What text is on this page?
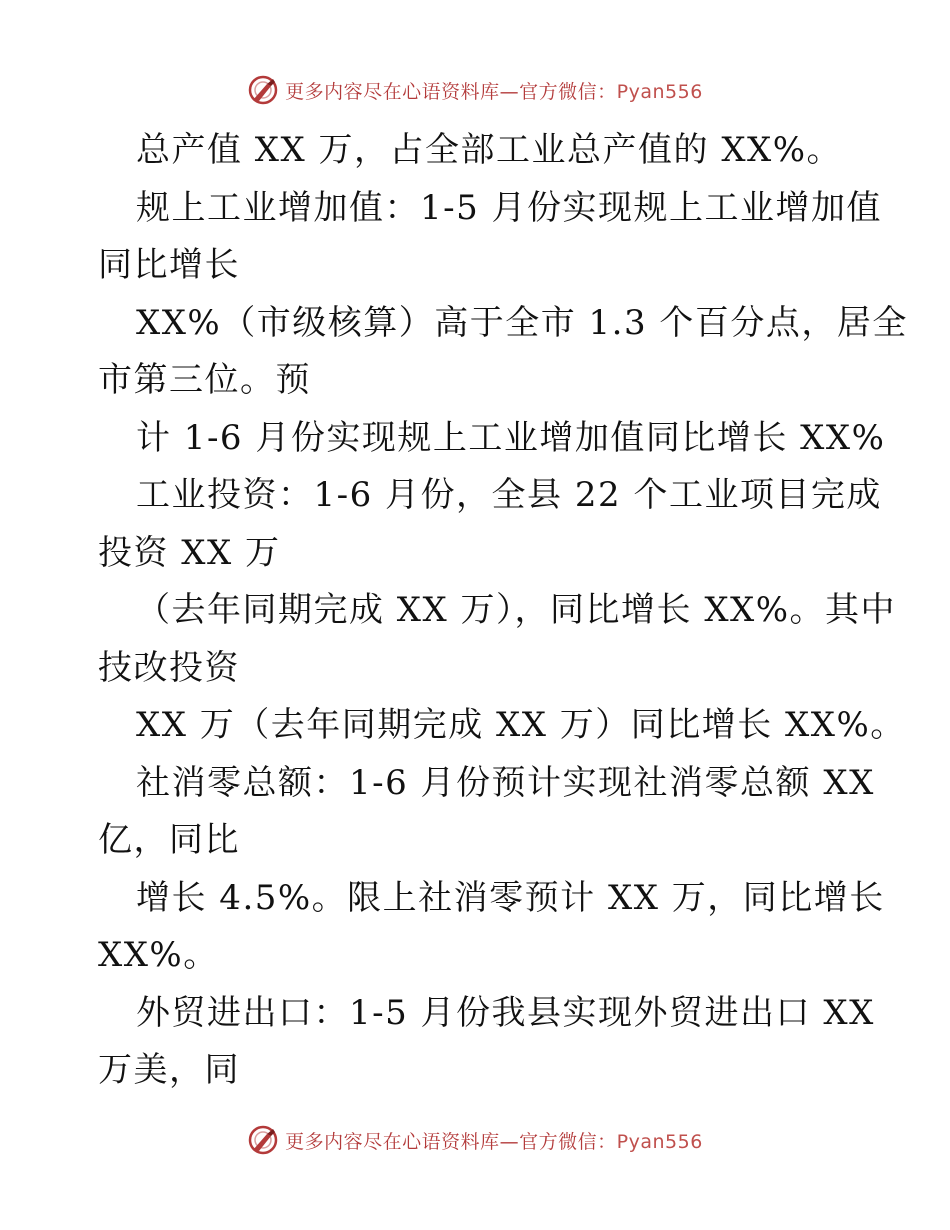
更多内容尽在心语资料库—官方微信：Pyan556
总产值 XX 万，占全部工业总产值的 XX%。
规上工业增加值：1-5 月份实现规上工业增加值
同比增长
XX%（市级核算）高于全市 1.3 个百分点，居全
市第三位。预
计 1-6 月份实现规上工业增加值同比增长 XX%
工业投资：1-6 月份，全县 22 个工业项目完成
投资 XX 万
（去年同期完成 XX 万），同比增长 XX%。其中
技改投资
XX 万（去年同期完成 XX 万）同比增长 XX%。
社消零总额：1-6 月份预计实现社消零总额 XX
亿，同比
增长 4.5%。限上社消零预计 XX 万，同比增长
XX%。
外贸进出口：1-5 月份我县实现外贸进出口 XX
万美，同
更多内容尽在心语资料库—官方微信：Pyan556
